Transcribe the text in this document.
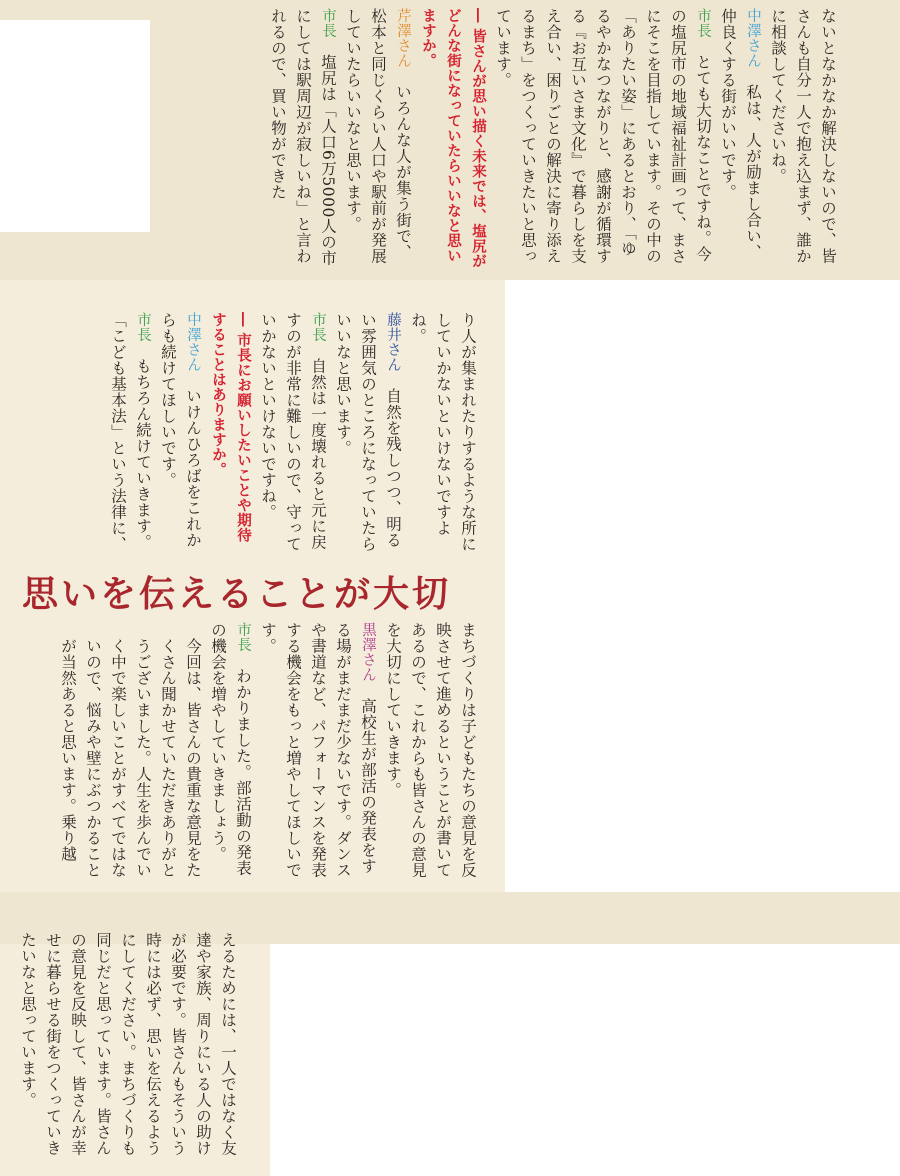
ないとなかなか解決しないので、皆さんも自分一人で抱え込まず、誰かに相談してくださいね。

中澤さん　私は、人が励まし合い、仲良くする街がいいです。

市長　とても大切なことですね。今の塩尻市の地域福祉計画って、まさにそこを目指しています。その中の「ありたい姿」にあるとおり、「ゆるやかなつながりと、感謝が循環する『お互いさま文化』で暮らしを支え合い、困りごとの解決に寄り添えるまち」をつくっていきたいと思っています。

― 皆さんが思い描く未来では、塩尻がどんな街になっていたらいいなと思いますか。

芹澤さん　いろんな人が集う街で、松本と同じくらい人口や駅前が発展していたらいいなと思います。

市長　塩尻は「人口6万5000人の市にしては駅周辺が寂しいね」と言われるので、買い物ができた

り人が集まれたりするような所にしていかないといけないですよね。

藤井さん　自然を残しつつ、明るい雰囲気のところになっていたらいいなと思います。

市長　自然は一度壊れると元に戻すのが非常に難しいので、守っていかないといけないですね。

― 市長にお願いしたいことや期待することはありますか。

中澤さん　いけんひろばをこれからも続けてほしいです。

市長　もちろん続けていきます。「こども基本法」という法律に、

思いを伝えることが大切

まちづくりは子どもたちの意見を反映させて進めるということが書いてあるので、これからも皆さんの意見を大切にしていきます。

黒澤さん　高校生が部活の発表をする場がまだまだ少ないです。ダンスや書道など、パフォーマンスを発表する機会をもっと増やしてほしいです。

市長　わかりました。部活動の発表の機会を増やしていきましょう。

今回は、皆さんの貴重な意見をたくさん聞かせていただきありがとうございました。人生を歩んでいく中で楽しいことがすべてではないので、悩みや壁にぶつかることが当然あると思います。乗り越

えるためには、一人ではなく友達や家族、周りにいる人の助けが必要です。皆さんもそういう時には必ず、思いを伝えるようにしてください。まちづくりも同じだと思っています。皆さんの意見を反映して、皆さんが幸せに暮らせる街をつくっていきたいなと思っています。
